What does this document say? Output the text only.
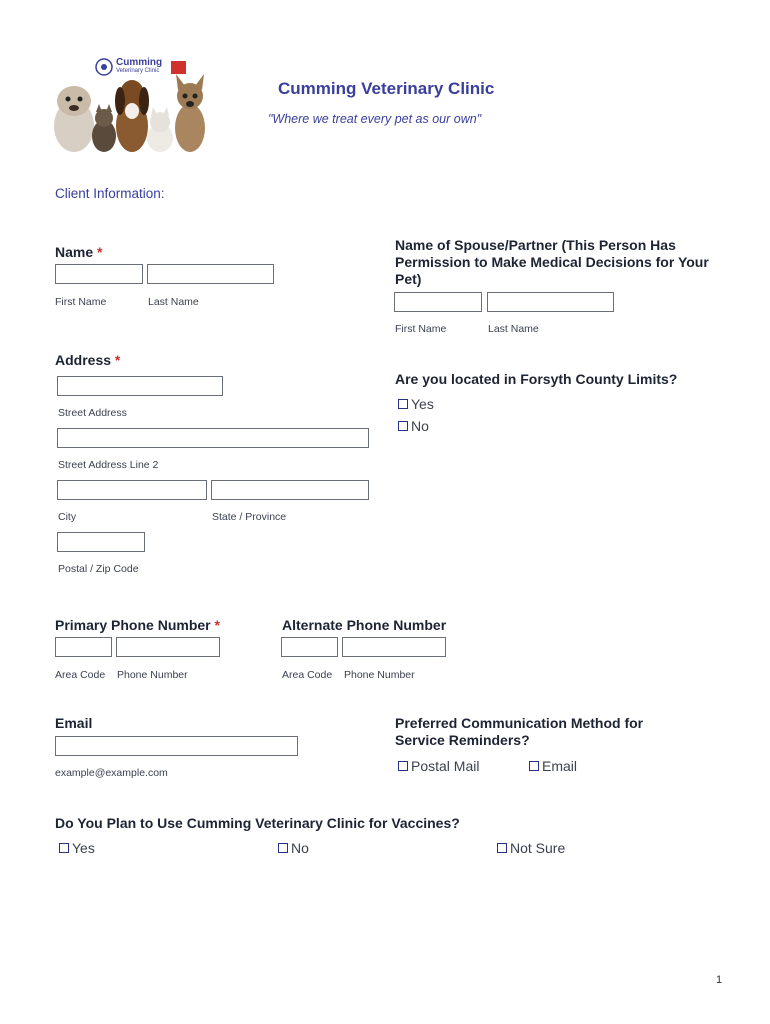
Cumming
Veterinary Clinic
Cumming Veterinary Clinic
"Where we treat every pet as our own"
Client Information:
Name *
First Name	Last Name
Name of Spouse/Partner (This Person Has Permission to Make Medical Decisions for Your Pet)
First Name	Last Name
Address *
Street Address
Street Address Line 2
City	State / Province
Postal / Zip Code
Are you located in Forsyth County Limits?
Yes
No
Primary Phone Number *
Area Code Phone Number
Alternate Phone Number
Area Code Phone Number
Email
example@example.com
Preferred Communication Method for Service Reminders?
Postal Mail	Email
Do You Plan to Use Cumming Veterinary Clinic for Vaccines?
Yes	No	Not Sure
1
